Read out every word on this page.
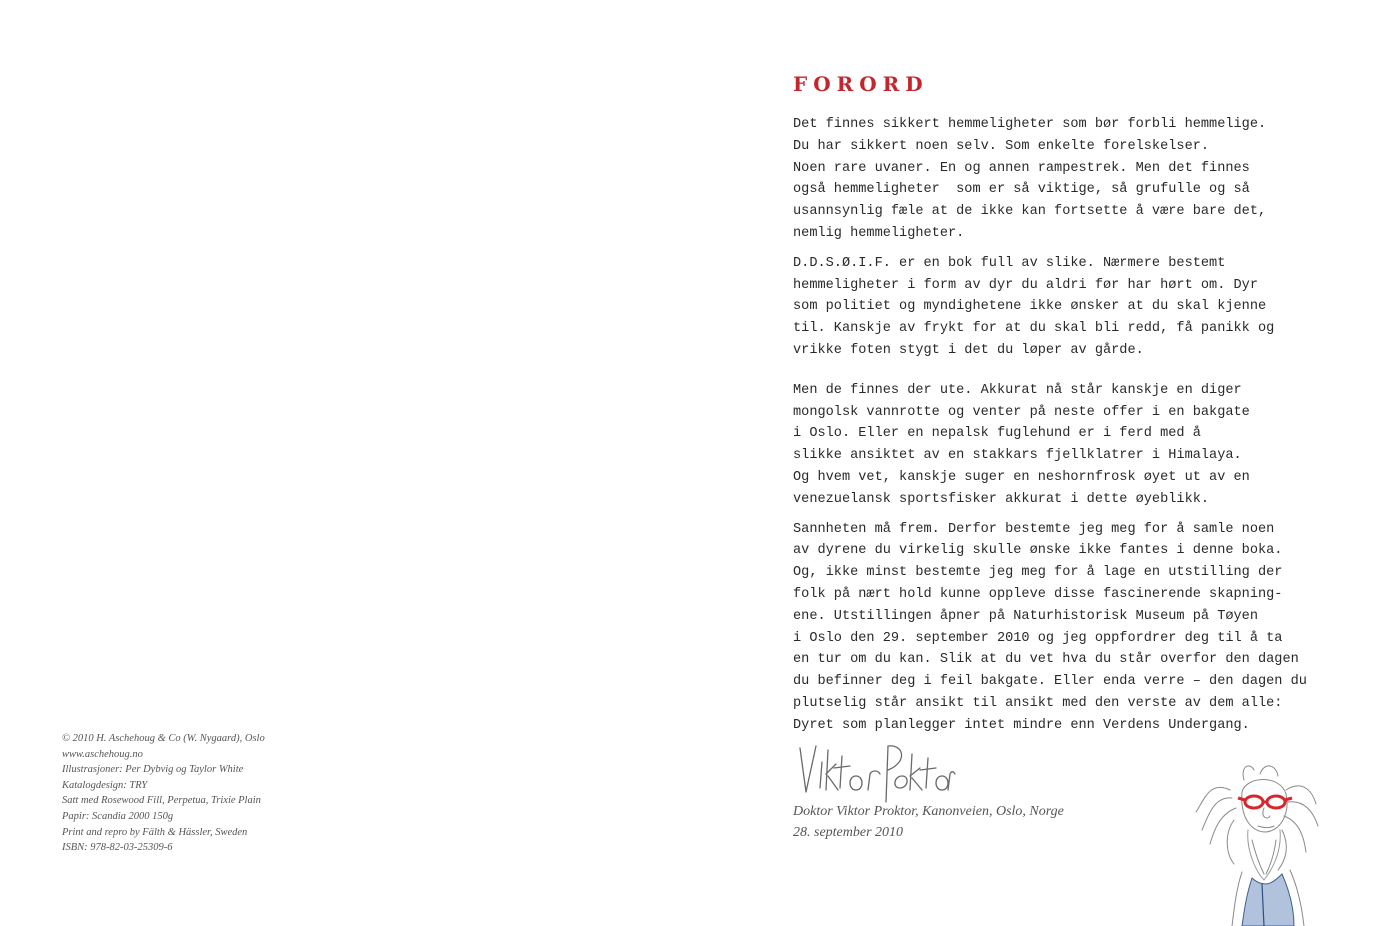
© 2010 H. Aschehoug & Co (W. Nygaard), Oslo
www.aschehoug.no
Illustrasjoner: Per Dybvig og Taylor White
Katalogdesign: TRY
Satt med Rosewood Fill, Perpetua, Trixie Plain
Papir: Scandia 2000 150g
Print and repro by Fälth & Hässler, Sweden
ISBN: 978-82-03-25309-6
FORORD
Det finnes sikkert hemmeligheter som bør forbli hemmelige.
Du har sikkert noen selv. Som enkelte forelskelser.
Noen rare uvaner. En og annen rampestrek. Men det finnes
også hemmeligheter  som er så viktige, så grufulle og så
usannsynlig fæle at de ikke kan fortsette å være bare det,
nemlig hemmeligheter.
D.D.S.Ø.I.F. er en bok full av slike. Nærmere bestemt
hemmeligheter i form av dyr du aldri før har hørt om. Dyr
som politiet og myndighetene ikke ønsker at du skal kjenne
til. Kanskje av frykt for at du skal bli redd, få panikk og
vrikke foten stygt i det du løper av gårde.
Men de finnes der ute. Akkurat nå står kanskje en diger
mongolsk vannrotte og venter på neste offer i en bakgate
i Oslo. Eller en nepalsk fuglehund er i ferd med å
slikke ansiktet av en stakkars fjellklatrer i Himalaya.
Og hvem vet, kanskje suger en neshornfrosk øyet ut av en
venezuelansk sportsfisker akkurat i dette øyeblikk.
Sannheten må frem. Derfor bestemte jeg meg for å samle noen
av dyrene du virkelig skulle ønske ikke fantes i denne boka.
Og, ikke minst bestemte jeg meg for å lage en utstilling der
folk på nært hold kunne oppleve disse fascinerende skapning-
ene. Utstillingen åpner på Naturhistorisk Museum på Tøyen
i Oslo den 29. september 2010 og jeg oppfordrer deg til å ta
en tur om du kan. Slik at du vet hva du står overfor den dagen
du befinner deg i feil bakgate. Eller enda verre – den dagen du
plutselig står ansikt til ansikt med den verste av dem alle:
Dyret som planlegger intet mindre enn Verdens Undergang.
Doktor Viktor Proktor, Kanonveien, Oslo, Norge
28. september 2010
